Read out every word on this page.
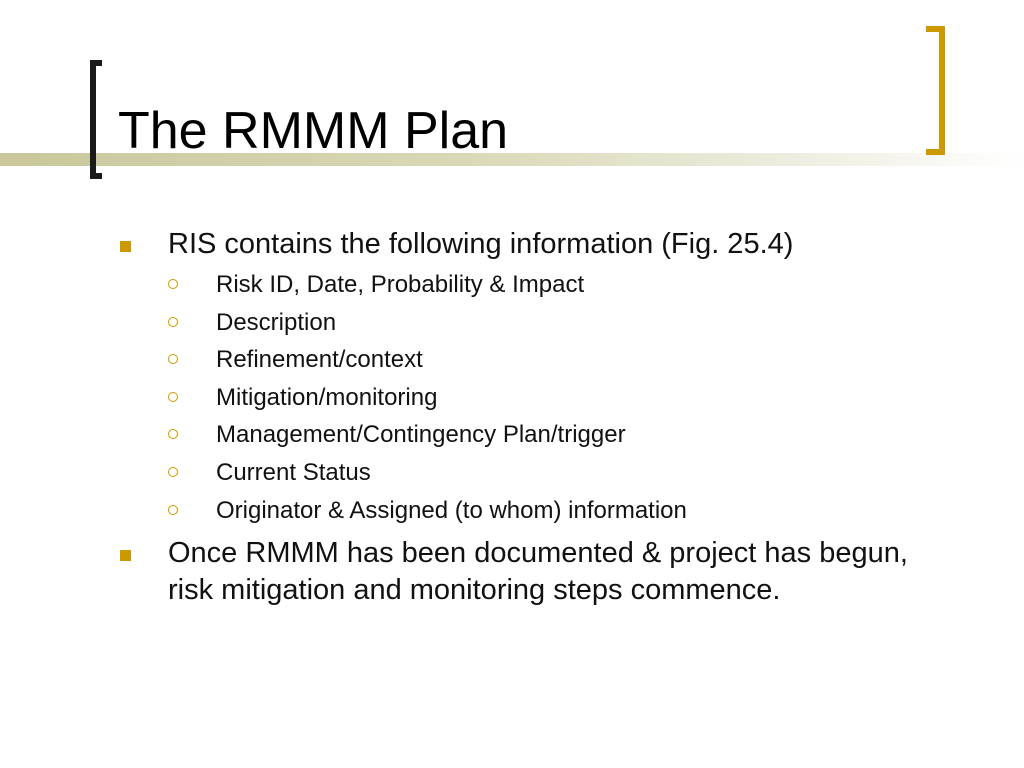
The RMMM Plan
RIS contains the following information (Fig. 25.4)
Risk ID, Date, Probability & Impact
Description
Refinement/context
Mitigation/monitoring
Management/Contingency Plan/trigger
Current Status
Originator & Assigned (to whom) information
Once RMMM has been documented & project has begun, risk mitigation and monitoring steps commence.
